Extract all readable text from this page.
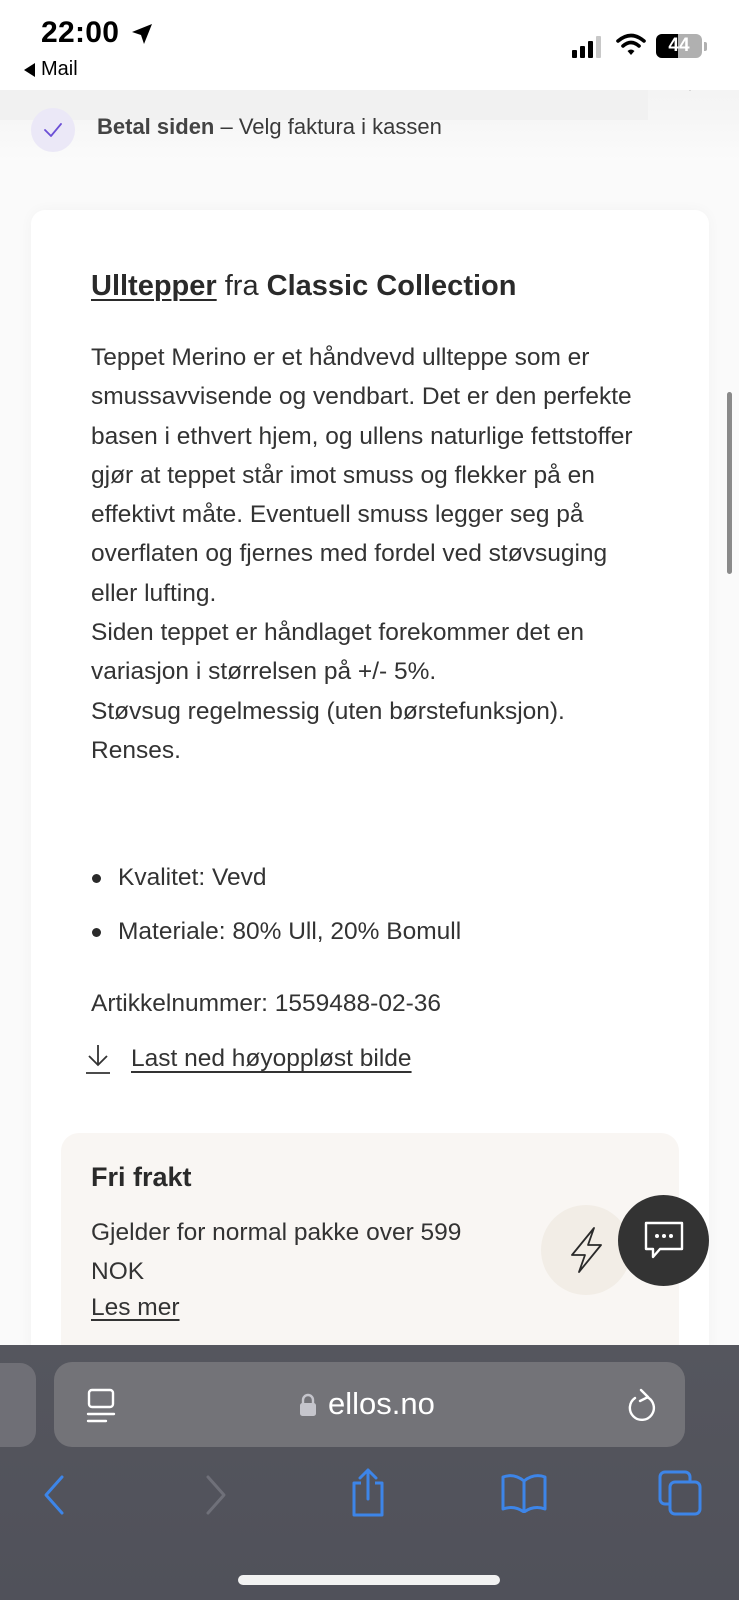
22:00
Mail
44
Betal siden – Velg faktura i kassen
Ulltepper fra Classic Collection

Teppet Merino er et håndvevd ullteppe som er smussavvisende og vendbart. Det er den perfekte basen i ethvert hjem, og ullens naturlige fettstoffer gjør at teppet står imot smuss og flekker på en effektivt måte. Eventuell smuss legger seg på overflaten og fjernes med fordel ved støvsuging eller lufting.

Siden teppet er håndlaget forekommer det en variasjon i størrelsen på +/- 5%.

Støvsug regelmessig (uten børstefunksjon).

Renses.

Kvalitet: Vevd
Materiale: 80% Ull, 20% Bomull
Artikkelnummer: 1559488-02-36
Last ned høyoppløst bilde
Fri frakt
Gjelder for normal pakke over 599 NOK
Les mer
ellos.no
